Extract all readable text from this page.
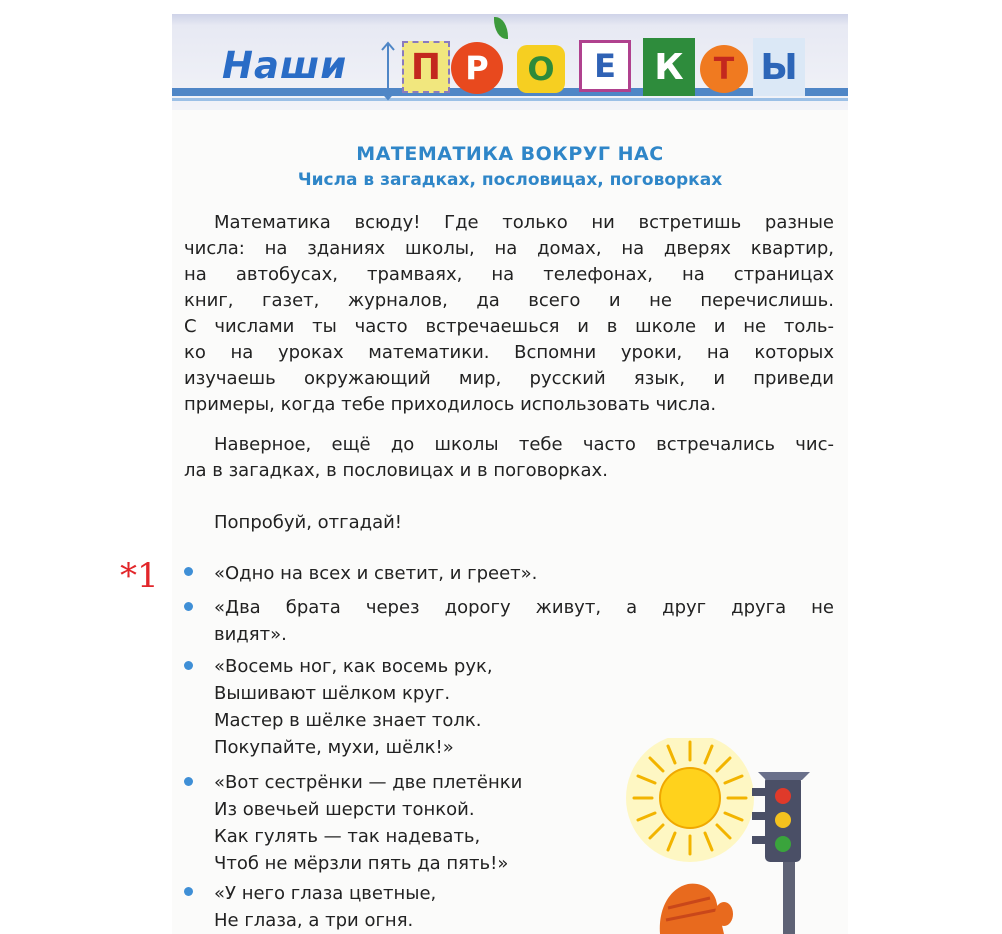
Наши П Р	О	Е	К	Т Ы
МАТЕМАТИКА ВОКРУГ НАС
Числа в загадках, пословицах, поговорках
Математика всюду! Где только ни встретишь разные
числа: на зданиях школы, на домах, на дверях квартир,
на автобусах, трамваях, на телефонах, на страницах
книг, газет, журналов, да всего и не перечислишь.
С числами ты часто встречаешься и в школе и не толь-
ко на уроках математики. Вспомни уроки, на которых
изучаешь окружающий мир, русский язык, и приведи
примеры, когда тебе приходилось использовать числа.
Наверное, ещё до школы тебе часто встречались чис-
ла в загадках, в пословицах и в поговорках.
Попробуй, отгадай!
*1	«Одно на всех и светит, и греет».
«Два брата через дорогу живут, а друг друга не
видят».
«Восемь ног, как восемь рук,
Вышивают шёлком круг.
Мастер в шёлке знает толк.
Покупайте, мухи, шёлк!»
«Вот сестрёнки — две плетёнки
Из овечьей шерсти тонкой.
Как гулять — так надевать,
Чтоб не мёрзли пять да пять!»
«У него глаза цветные,
Не глаза, а три огня.
